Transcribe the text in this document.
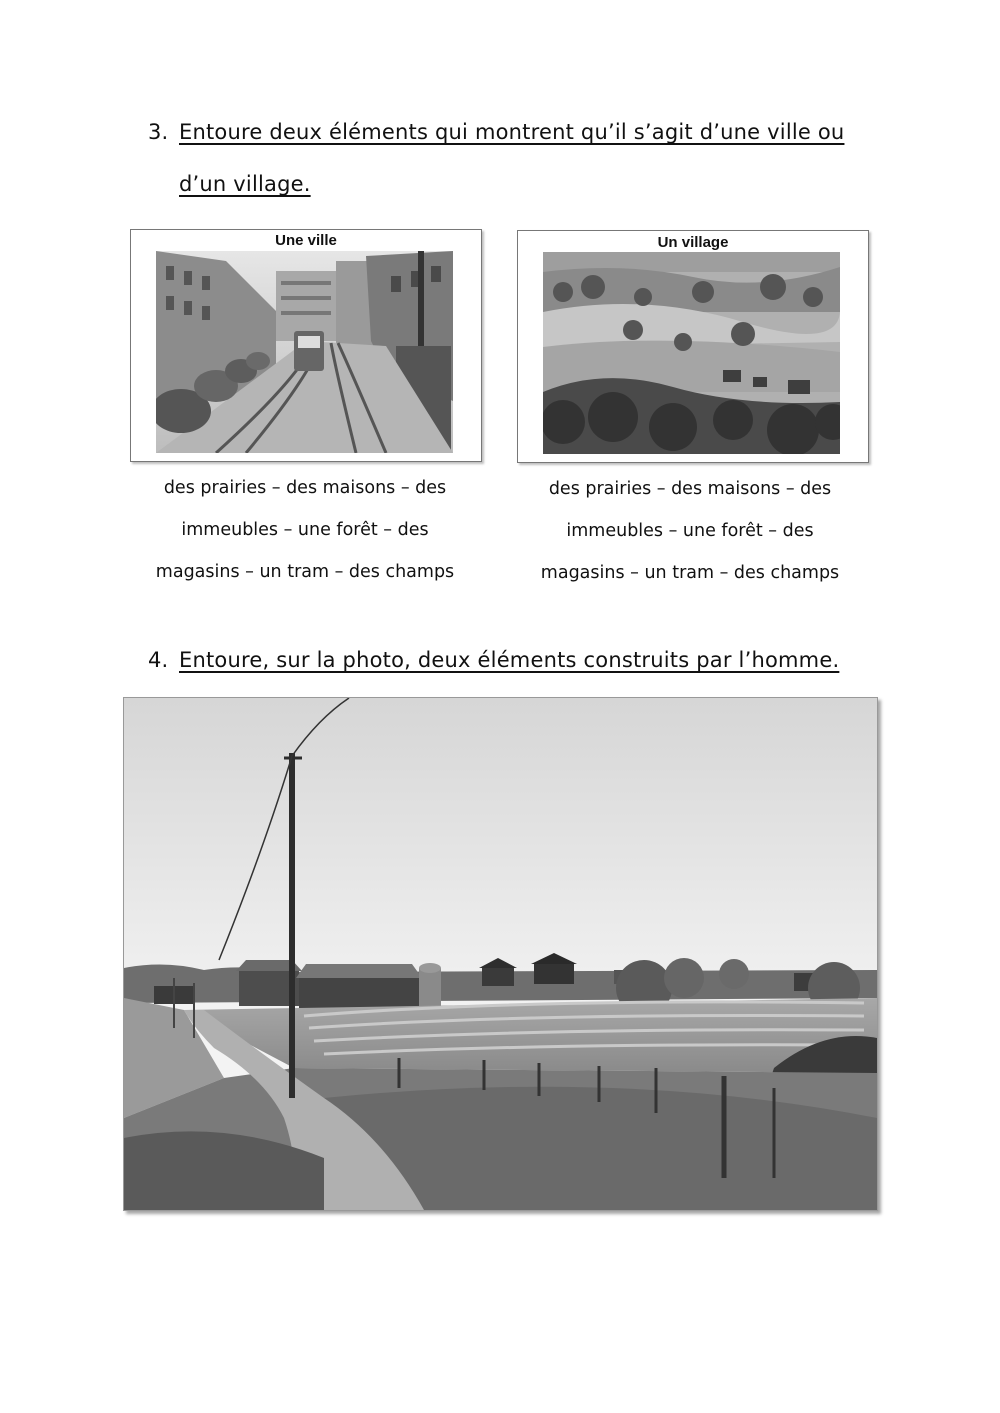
3. Entoure deux éléments qui montrent qu’il s’agit d’une ville ou
d’un village.
Une ville	Un village
des prairies – des maisons – des
immeubles – une forêt – des
magasins – un tram – des champs
des prairies – des maisons – des
immeubles – une forêt – des
magasins – un tram – des champs
4. Entoure, sur la photo, deux éléments construits par l’homme.
